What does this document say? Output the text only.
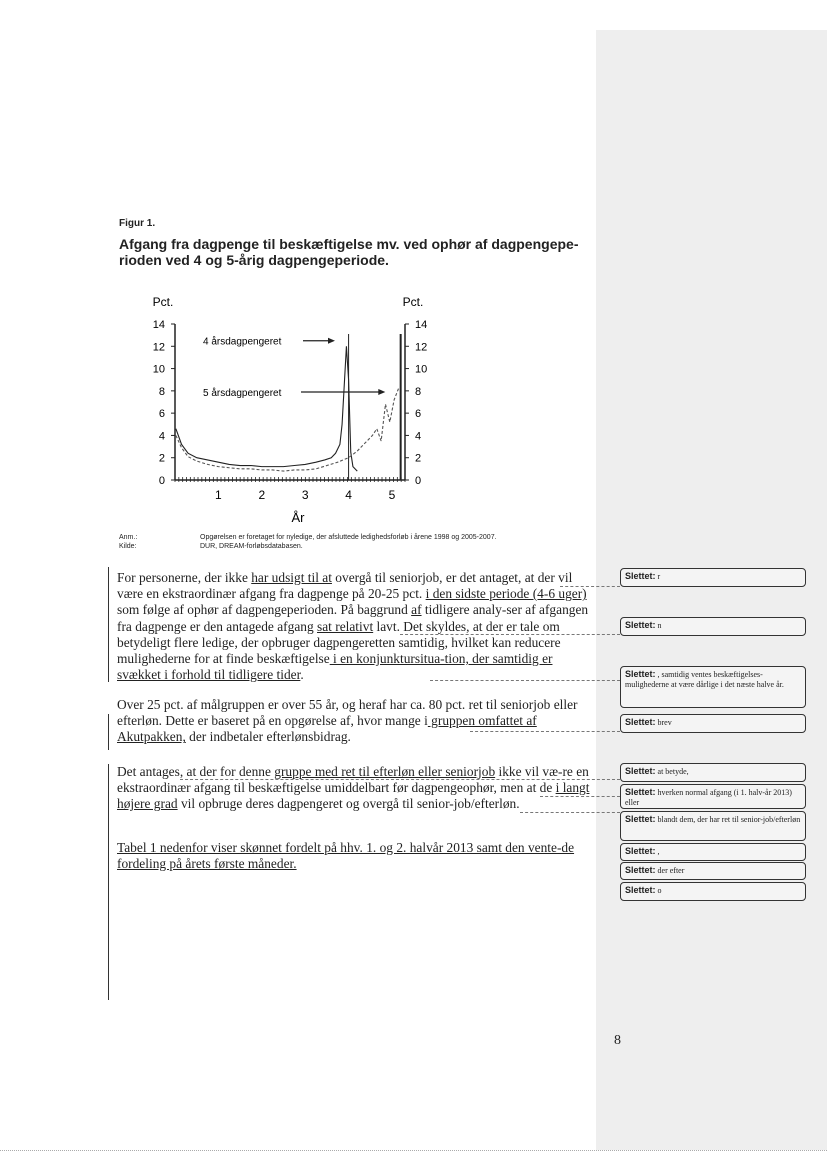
Figur 1.
Afgang fra dagpenge til beskæftigelse mv. ved ophør af dagpengepe-rioden ved 4 og 5-årig dagpengeperiode.
0	0
2	2
4	4
6	6
8	8
10	10
12	12
14	14
1	2	3	4	5
Pct.	Pct.
År
4 årsdagpengeret
5 årsdagpengeret
Anm.:	Opgørelsen er foretaget for nyledige, der afsluttede ledighedsforløb i årene 1998 og 2005-2007.
Kilde:	DUR, DREAM-forløbsdatabasen.

For personerne, der ikke har udsigt til at overgå til seniorjob, er det antaget, at der vil være en ekstraordinær afgang fra dagpenge på 20-25 pct. i den sidste periode (4-6 uger) som følge af ophør af dagpengeperioden. På baggrund af tidligere analy-ser af afgangen fra dagpenge er den antagede afgang sat relativt lavt. Det skyldes, at der er tale om betydeligt flere ledige, der opbruger dagpengeretten samtidig, hvilket kan reducere mulighederne for at finde beskæftigelse i en konjunktursitua-tion, der samtidig er svækket i forhold til tidligere tider.

Over 25 pct. af målgruppen er over 55 år, og heraf har ca. 80 pct. ret til seniorjob eller efterløn. Dette er baseret på en opgørelse af, hvor mange i gruppen omfattet af Akutpakken, der indbetaler efterlønsbidrag.

Det antages, at der for denne gruppe med ret til efterløn eller seniorjob ikke vil væ-re en ekstraordinær afgang til beskæftigelse umiddelbart før dagpengeophør, men at de i langt højere grad vil opbruge deres dagpengeret og overgå til senior-job/efterløn.

Tabel 1 nedenfor viser skønnet fordelt på hhv. 1. og 2. halvår 2013 samt den vente-de fordeling på årets første måneder.

Slettet: r
Slettet: n
Slettet: , samtidig ventes beskæftigelses-mulighederne at være dårlige i det næste halve år.
Slettet: brev
Slettet: at betyde,
Slettet: hverken normal afgang (i 1. halv-år 2013) eller
Slettet: blandt dem, der har ret til senior-job/efterløn
Slettet: ,
Slettet: der efter
Slettet: o
8
